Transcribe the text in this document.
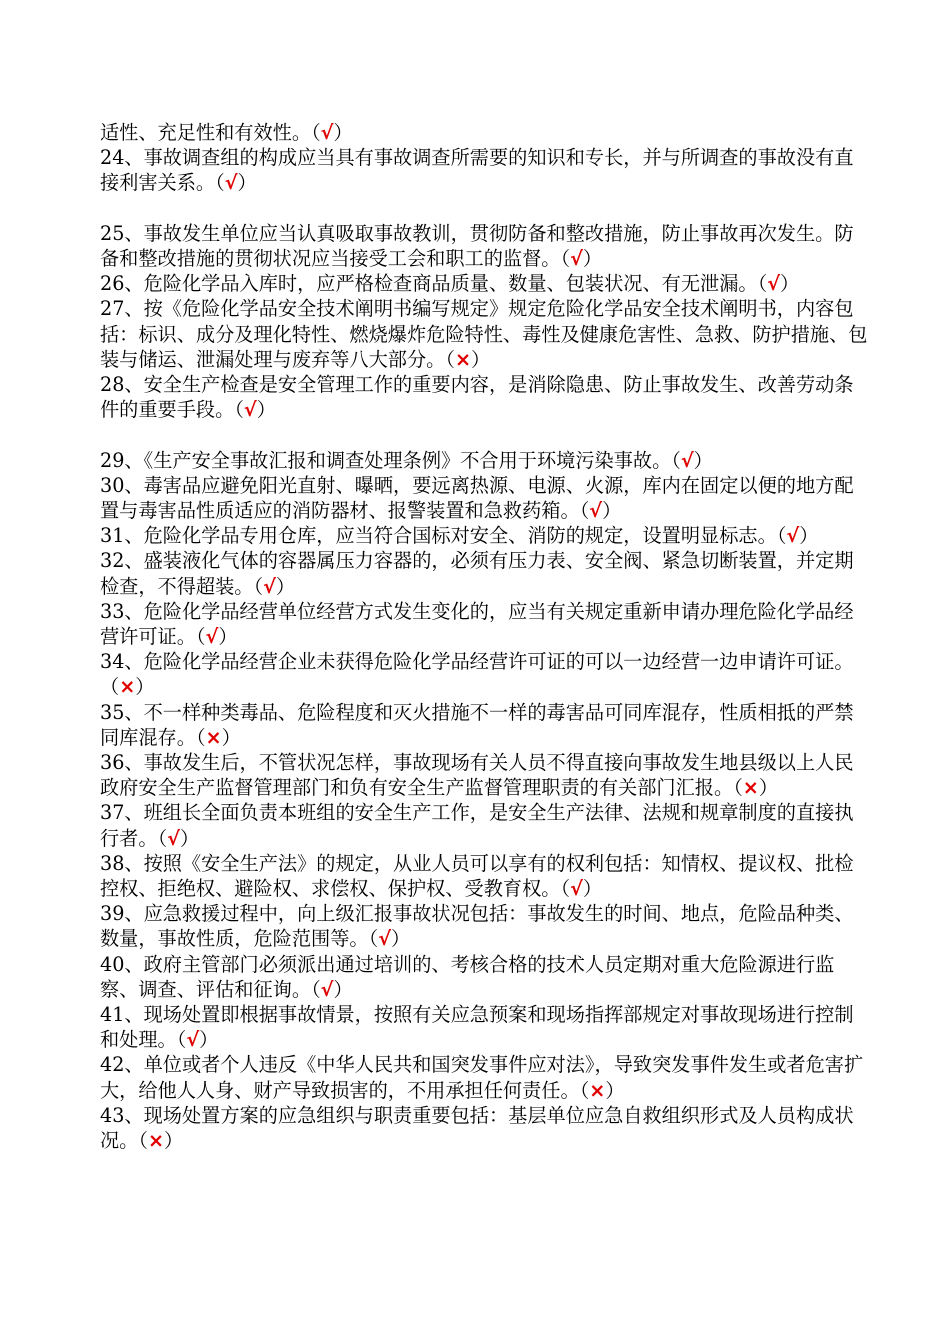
适性、充足性和有效性。（√）

24、事故调查组的构成应当具有事故调查所需要的知识和专长，并与所调查的事故没有直接利害关系。（√）

25、事故发生单位应当认真吸取事故教训，贯彻防备和整改措施，防止事故再次发生。防备和整改措施的贯彻状况应当接受工会和职工的监督。（√）

26、危险化学品入库时，应严格检查商品质量、数量、包装状况、有无泄漏。（√）

27、按《危险化学品安全技术阐明书编写规定》规定危险化学品安全技术阐明书，内容包括：标识、成分及理化特性、燃烧爆炸危险特性、毒性及健康危害性、急救、防护措施、包装与储运、泄漏处理与废弃等八大部分。（×）

28、安全生产检查是安全管理工作的重要内容，是消除隐患、防止事故发生、改善劳动条件的重要手段。（√）

29、《生产安全事故汇报和调查处理条例》不合用于环境污染事故。（√）

30、毒害品应避免阳光直射、曝晒，要远离热源、电源、火源，库内在固定以便的地方配置与毒害品性质适应的消防器材、报警装置和急救药箱。（√）

31、危险化学品专用仓库，应当符合国标对安全、消防的规定，设置明显标志。（√）

32、盛装液化气体的容器属压力容器的，必须有压力表、安全阀、紧急切断装置，并定期检查，不得超装。（√）

33、危险化学品经营单位经营方式发生变化的，应当有关规定重新申请办理危险化学品经营许可证。（√）

34、危险化学品经营企业未获得危险化学品经营许可证的可以一边经营一边申请许可证。（×）

35、不一样种类毒品、危险程度和灭火措施不一样的毒害品可同库混存，性质相抵的严禁同库混存。（×）

36、事故发生后，不管状况怎样，事故现场有关人员不得直接向事故发生地县级以上人民政府安全生产监督管理部门和负有安全生产监督管理职责的有关部门汇报。（×）

37、班组长全面负责本班组的安全生产工作，是安全生产法律、法规和规章制度的直接执行者。（√）

38、按照《安全生产法》的规定，从业人员可以享有的权利包括：知情权、提议权、批检控权、拒绝权、避险权、求偿权、保护权、受教育权。（√）

39、应急救援过程中，向上级汇报事故状况包括：事故发生的时间、地点，危险品种类、数量，事故性质，危险范围等。（√）

40、政府主管部门必须派出通过培训的、考核合格的技术人员定期对重大危险源进行监察、调查、评估和征询。（√）

41、现场处置即根据事故情景，按照有关应急预案和现场指挥部规定对事故现场进行控制和处理。（√）

42、单位或者个人违反《中华人民共和国突发事件应对法》，导致突发事件发生或者危害扩大，给他人人身、财产导致损害的，不用承担任何责任。（×）

43、现场处置方案的应急组织与职责重要包括：基层单位应急自救组织形式及人员构成状况。（×）
